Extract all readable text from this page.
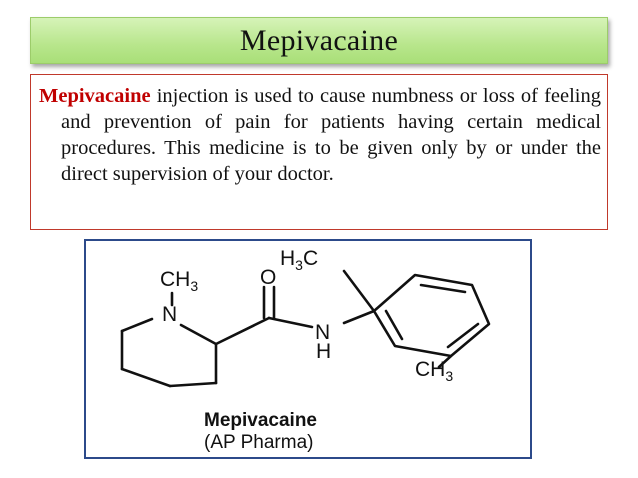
Mepivacaine

Mepivacaine injection is used to cause numbness or loss of feeling and prevention of pain for patients having certain medical procedures. This medicine is to be given only by or under the direct supervision of your doctor.

$CH_3$
N
O
$H_3C$
N
H
$CH_3$
Mepivacaine
(AP Pharma)
